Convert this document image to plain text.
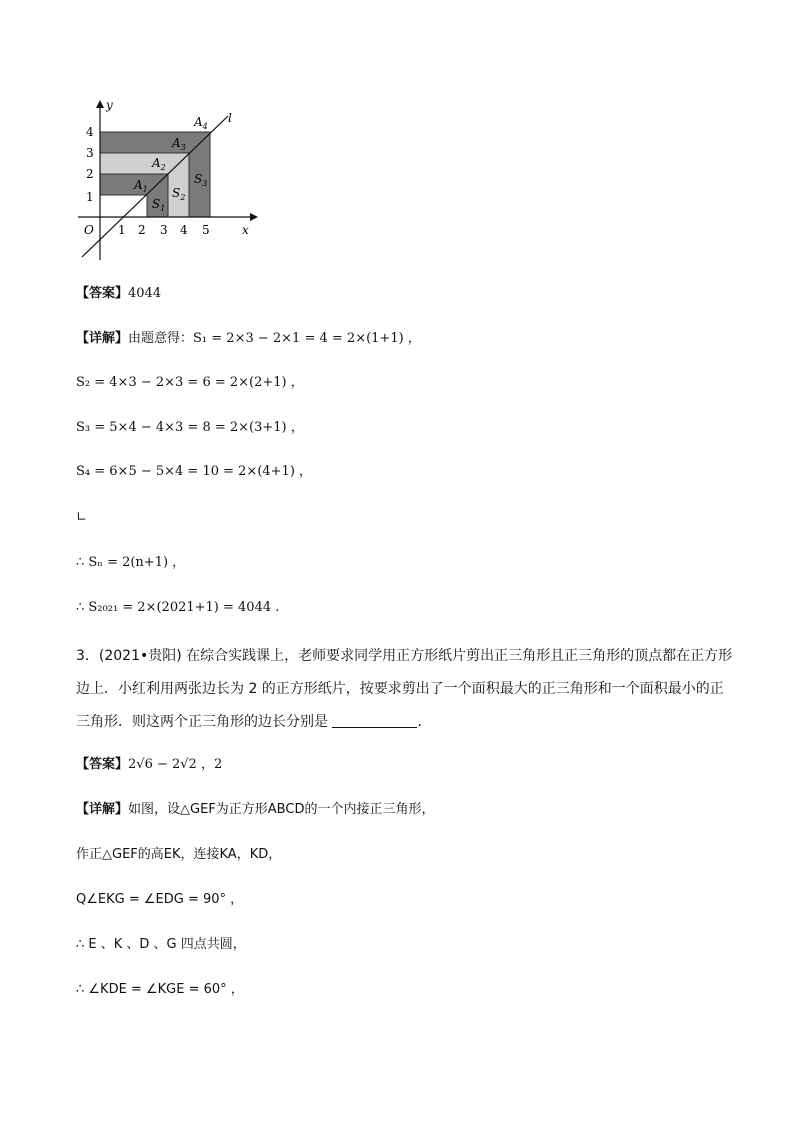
y
x
O
l
1 2 3 4 5
1
2
3
4
$A_1$
$A_2$
$A_3$
$A_4$
$S_1$
$S_2$
$S_3$
【答案】4044
【详解】由题意得：S₁ = 2×3 − 2×1 = 4 = 2×(1+1) ，
S₂ = 4×3 − 2×3 = 6 = 2×(2+1) ，
S₃ = 5×4 − 4×3 = 8 = 2×(3+1) ，
S₄ = 6×5 − 5×4 = 10 = 2×(4+1) ，
∟
∴ Sₙ = 2(n+1) ，
∴ S₂₀₂₁ = 2×(2021+1) = 4044 .
3．(2021•贵阳) 在综合实践课上，老师要求同学用正方形纸片剪出正三角形且正三角形的顶点都在正方形边上．小红利用两张边长为 2 的正方形纸片，按要求剪出了一个面积最大的正三角形和一个面积最小的正三角形．则这两个正三角形的边长分别是	．
【答案】2√6 − 2√2 ，2
【详解】如图，设△GEF为正方形ABCD的一个内接正三角形，
作正△GEF的高EK，连接KA，KD，
Q∠EKG = ∠EDG = 90° ，
∴ E 、K 、D 、G 四点共圆，
∴ ∠KDE = ∠KGE = 60° ，
